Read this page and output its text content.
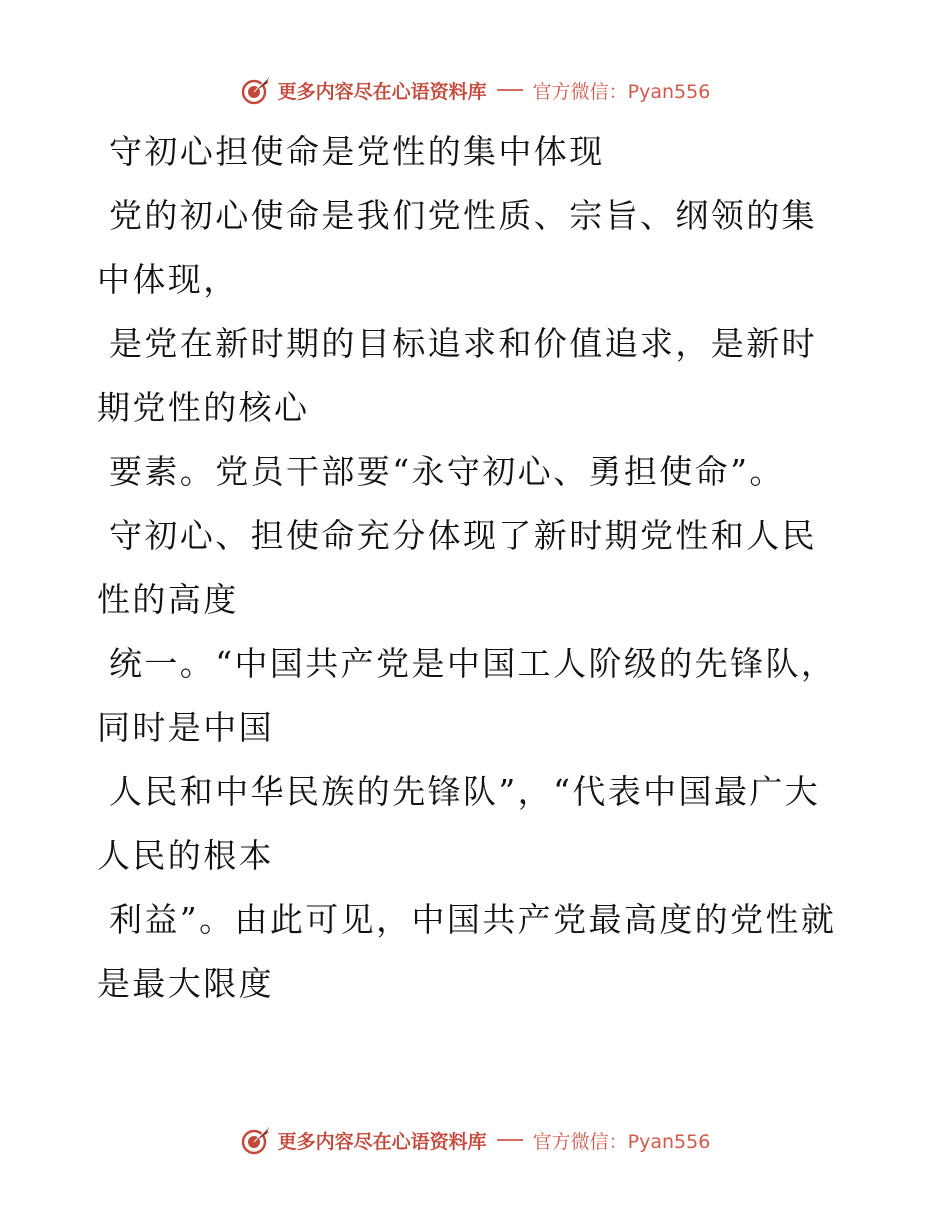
更多内容尽在心语资料库 官方微信：Pyan556

守初心担使命是党性的集中体现

党的初心使命是我们党性质、宗旨、纲领的集中体现，

是党在新时期的目标追求和价值追求，是新时期党性的核心

要素。党员干部要“永守初心、勇担使命”。

守初心、担使命充分体现了新时期党性和人民性的高度

统一。“中国共产党是中国工人阶级的先锋队，同时是中国

人民和中华民族的先锋队”，“代表中国最广大人民的根本

利益”。由此可见，中国共产党最高度的党性就是最大限度

更多内容尽在心语资料库 官方微信：Pyan556
